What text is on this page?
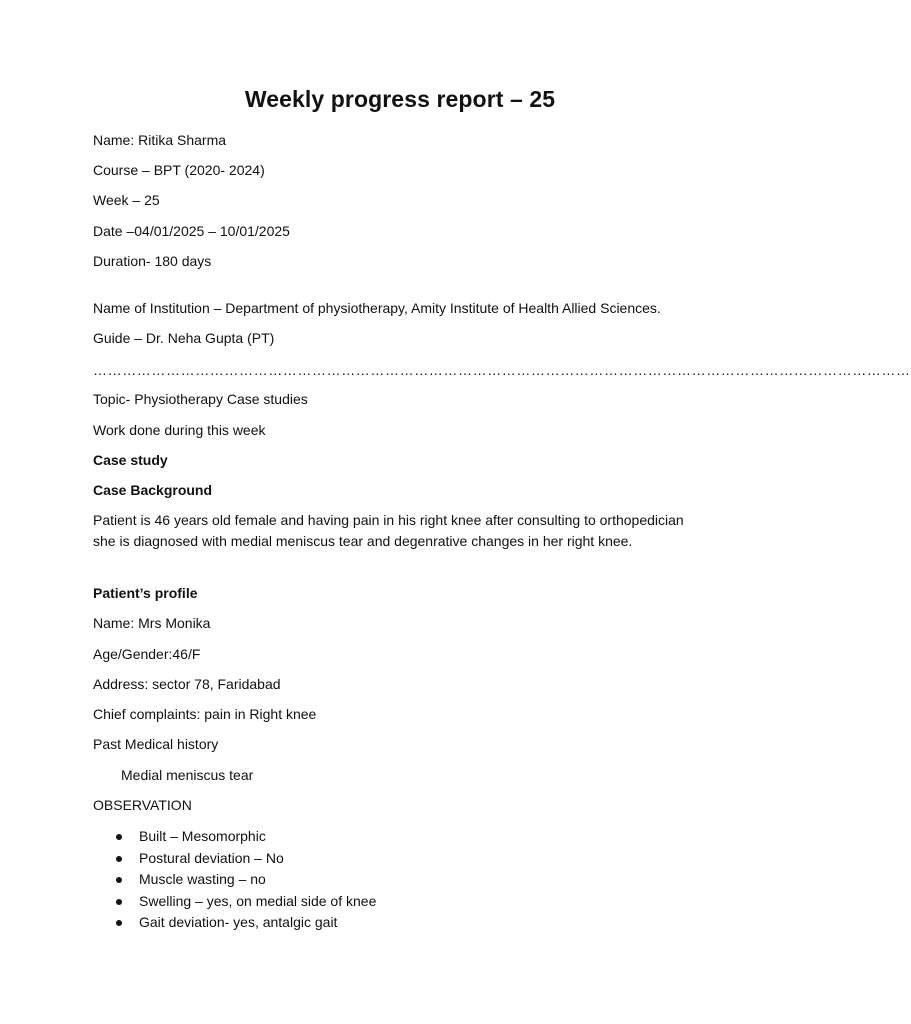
Weekly progress report – 25
Name: Ritika Sharma
Course – BPT (2020- 2024)
Week – 25
Date –04/01/2025 – 10/01/2025
Duration- 180 days
Name of Institution – Department of physiotherapy, Amity Institute of Health Allied Sciences.
Guide – Dr. Neha Gupta (PT)
……………………………………………………………………………………………………………………………………………………
Topic- Physiotherapy Case studies
Work done during this week
Case study
Case Background
Patient is 46 years old female and having pain in his right knee after consulting to orthopedician she is diagnosed with medial meniscus tear and degenrative changes in her right knee.
Patient’s profile
Name: Mrs Monika
Age/Gender:46/F
Address: sector 78, Faridabad
Chief complaints: pain in Right knee
Past Medical history
Medial meniscus tear
OBSERVATION
Built – Mesomorphic
Postural deviation – No
Muscle wasting – no
Swelling – yes, on medial side of knee
Gait deviation- yes, antalgic gait
